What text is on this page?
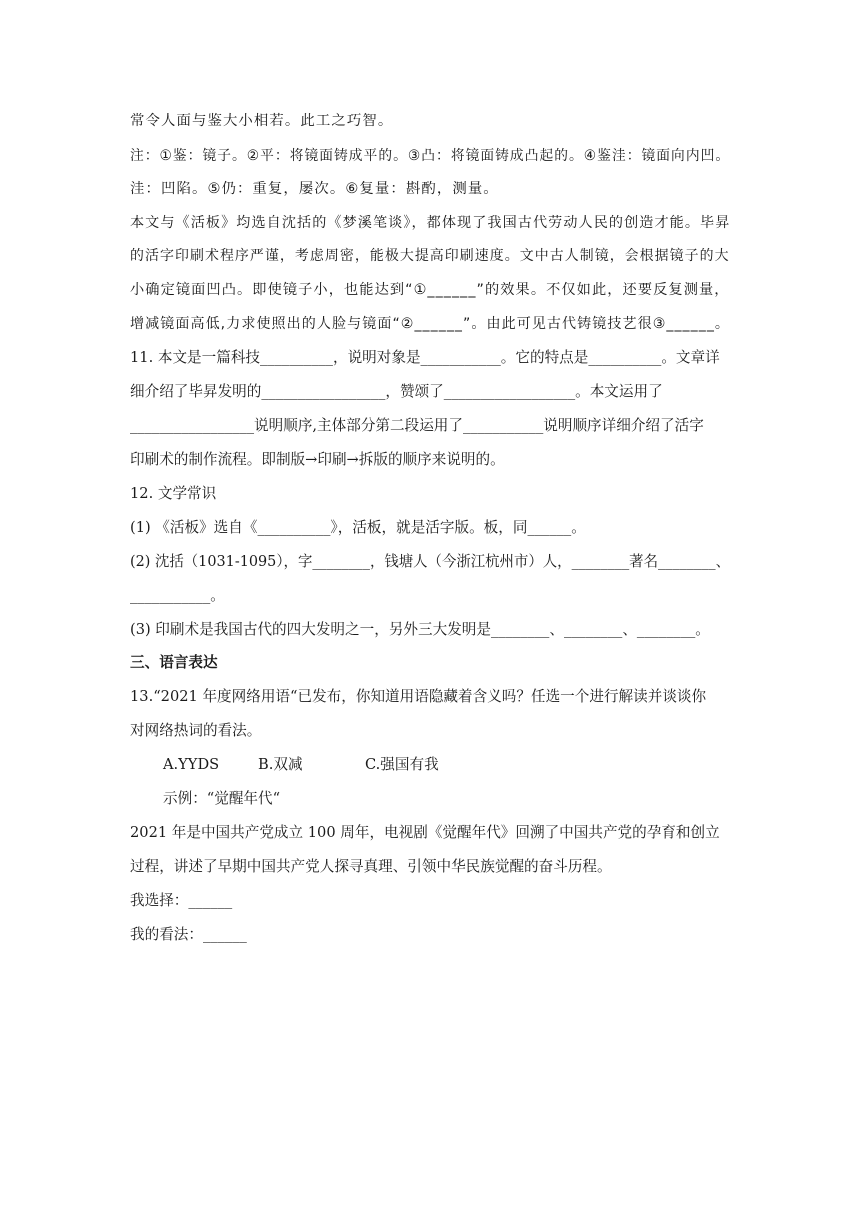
常令人面与鉴大小相若。此工之巧智。
注：①鉴：镜子。②平：将镜面铸成平的。③凸：将镜面铸成凸起的。④鉴洼：镜面向内凹。
洼：凹陷。⑤仍：重复，屡次。⑥复量：斟酌，测量。
本文与《活板》均选自沈括的《梦溪笔谈》，都体现了我国古代劳动人民的创造才能。毕昇
的活字印刷术程序严谨，考虑周密，能极大提高印刷速度。文中古人制镜，会根据镜子的大
小确定镜面凹凸。即使镜子小，也能达到“①______”的效果。不仅如此，还要反复测量，
增减镜面高低,力求使照出的人脸与镜面“②______”。由此可见古代铸镜技艺很③______。
11. 本文是一篇科技__________，说明对象是___________。它的特点是__________。文章详
细介绍了毕昇发明的_________________，赞颂了__________________。本文运用了
_________________说明顺序,主体部分第二段运用了___________说明顺序详细介绍了活字
印刷术的制作流程。即制版→印刷→拆版的顺序来说明的。
12. 文学常识
(1) 《活板》选自《__________》，活板，就是活字版。板，同______。
(2) 沈括（1031-1095），字________，钱塘人（今浙江杭州市）人，________著名________、
___________。
(3) 印刷术是我国古代的四大发明之一，另外三大发明是________、________、________。
三、语言表达
13.“2021 年度网络用语“已发布，你知道用语隐藏着含义吗？任选一个进行解读并谈谈你
对网络热词的看法。
A.YYDS	B.双减	C.强国有我
示例：“觉醒年代“
2021 年是中国共产党成立 100 周年，电视剧《觉醒年代》回溯了中国共产党的孕育和创立
过程，讲述了早期中国共产党人探寻真理、引领中华民族觉醒的奋斗历程。
我选择：______
我的看法：______
